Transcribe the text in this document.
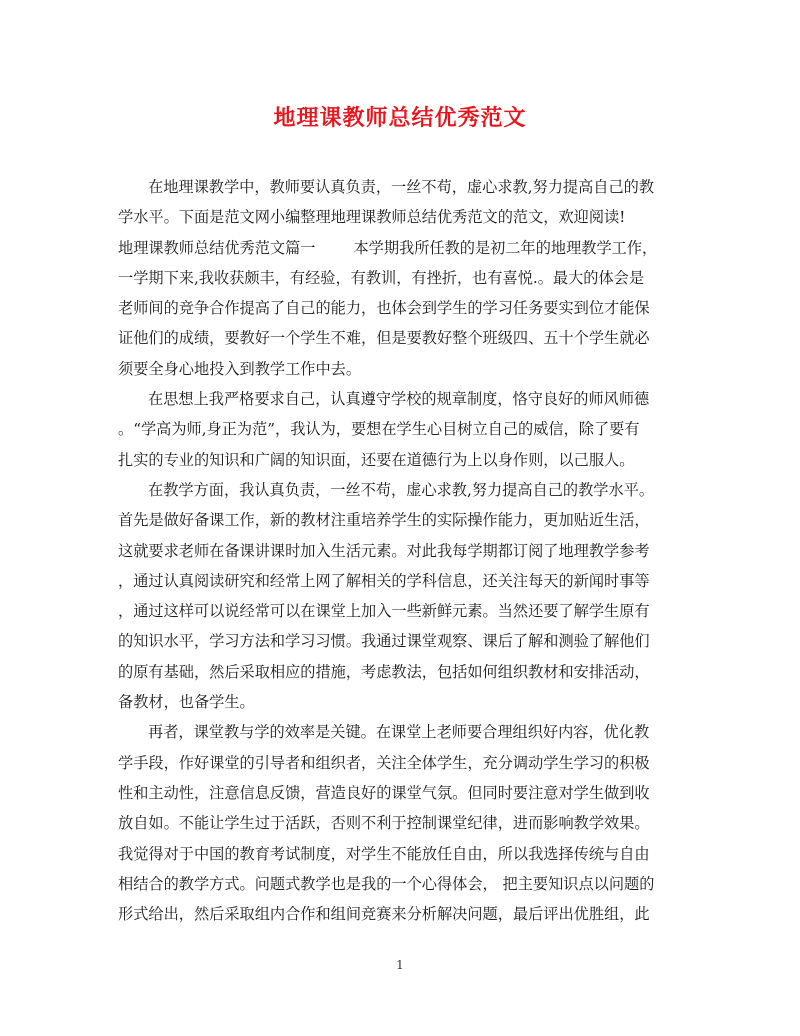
地理课教师总结优秀范文
在地理课教学中，教师要认真负责，一丝不苟，虚心求教,努力提高自己的教
学水平。下面是范文网小编整理地理课教师总结优秀范文的范文，欢迎阅读!
地理课教师总结优秀范文篇一	本学期我所任教的是初二年的地理教学工作，
一学期下来,我收获颇丰，有经验，有教训，有挫折，也有喜悦.。最大的体会是
老师间的竞争合作提高了自己的能力，也体会到学生的学习任务要实到位才能保
证他们的成绩，要教好一个学生不难，但是要教好整个班级四、五十个学生就必
须要全身心地投入到教学工作中去。
在思想上我严格要求自己，认真遵守学校的规章制度，恪守良好的师风师德
。“学高为师,身正为范”，我认为，要想在学生心目树立自己的威信，除了要有
扎实的专业的知识和广阔的知识面，还要在道德行为上以身作则，以己服人。
在教学方面，我认真负责，一丝不苟，虚心求教,努力提高自己的教学水平。
首先是做好备课工作，新的教材注重培养学生的实际操作能力，更加贴近生活，
这就要求老师在备课讲课时加入生活元素。对此我每学期都订阅了地理教学参考
，通过认真阅读研究和经常上网了解相关的学科信息，还关注每天的新闻时事等
，通过这样可以说经常可以在课堂上加入一些新鲜元素。当然还要了解学生原有
的知识水平，学习方法和学习习惯。我通过课堂观察、课后了解和测验了解他们
的原有基础，然后采取相应的措施，考虑教法，包括如何组织教材和安排活动，
备教材，也备学生。
再者，课堂教与学的效率是关键。在课堂上老师要合理组织好内容，优化教
学手段，作好课堂的引导者和组织者，关注全体学生，充分调动学生学习的积极
性和主动性，注意信息反馈，营造良好的课堂气氛。但同时要注意对学生做到收
放自如。不能让学生过于活跃，否则不利于控制课堂纪律，进而影响教学效果。
我觉得对于中国的教育考试制度，对学生不能放任自由，所以我选择传统与自由
相结合的教学方式。问题式教学也是我的一个心得体会， 把主要知识点以问题的
形式给出，然后采取组内合作和组间竞赛来分析解决问题，最后评出优胜组，此
1
